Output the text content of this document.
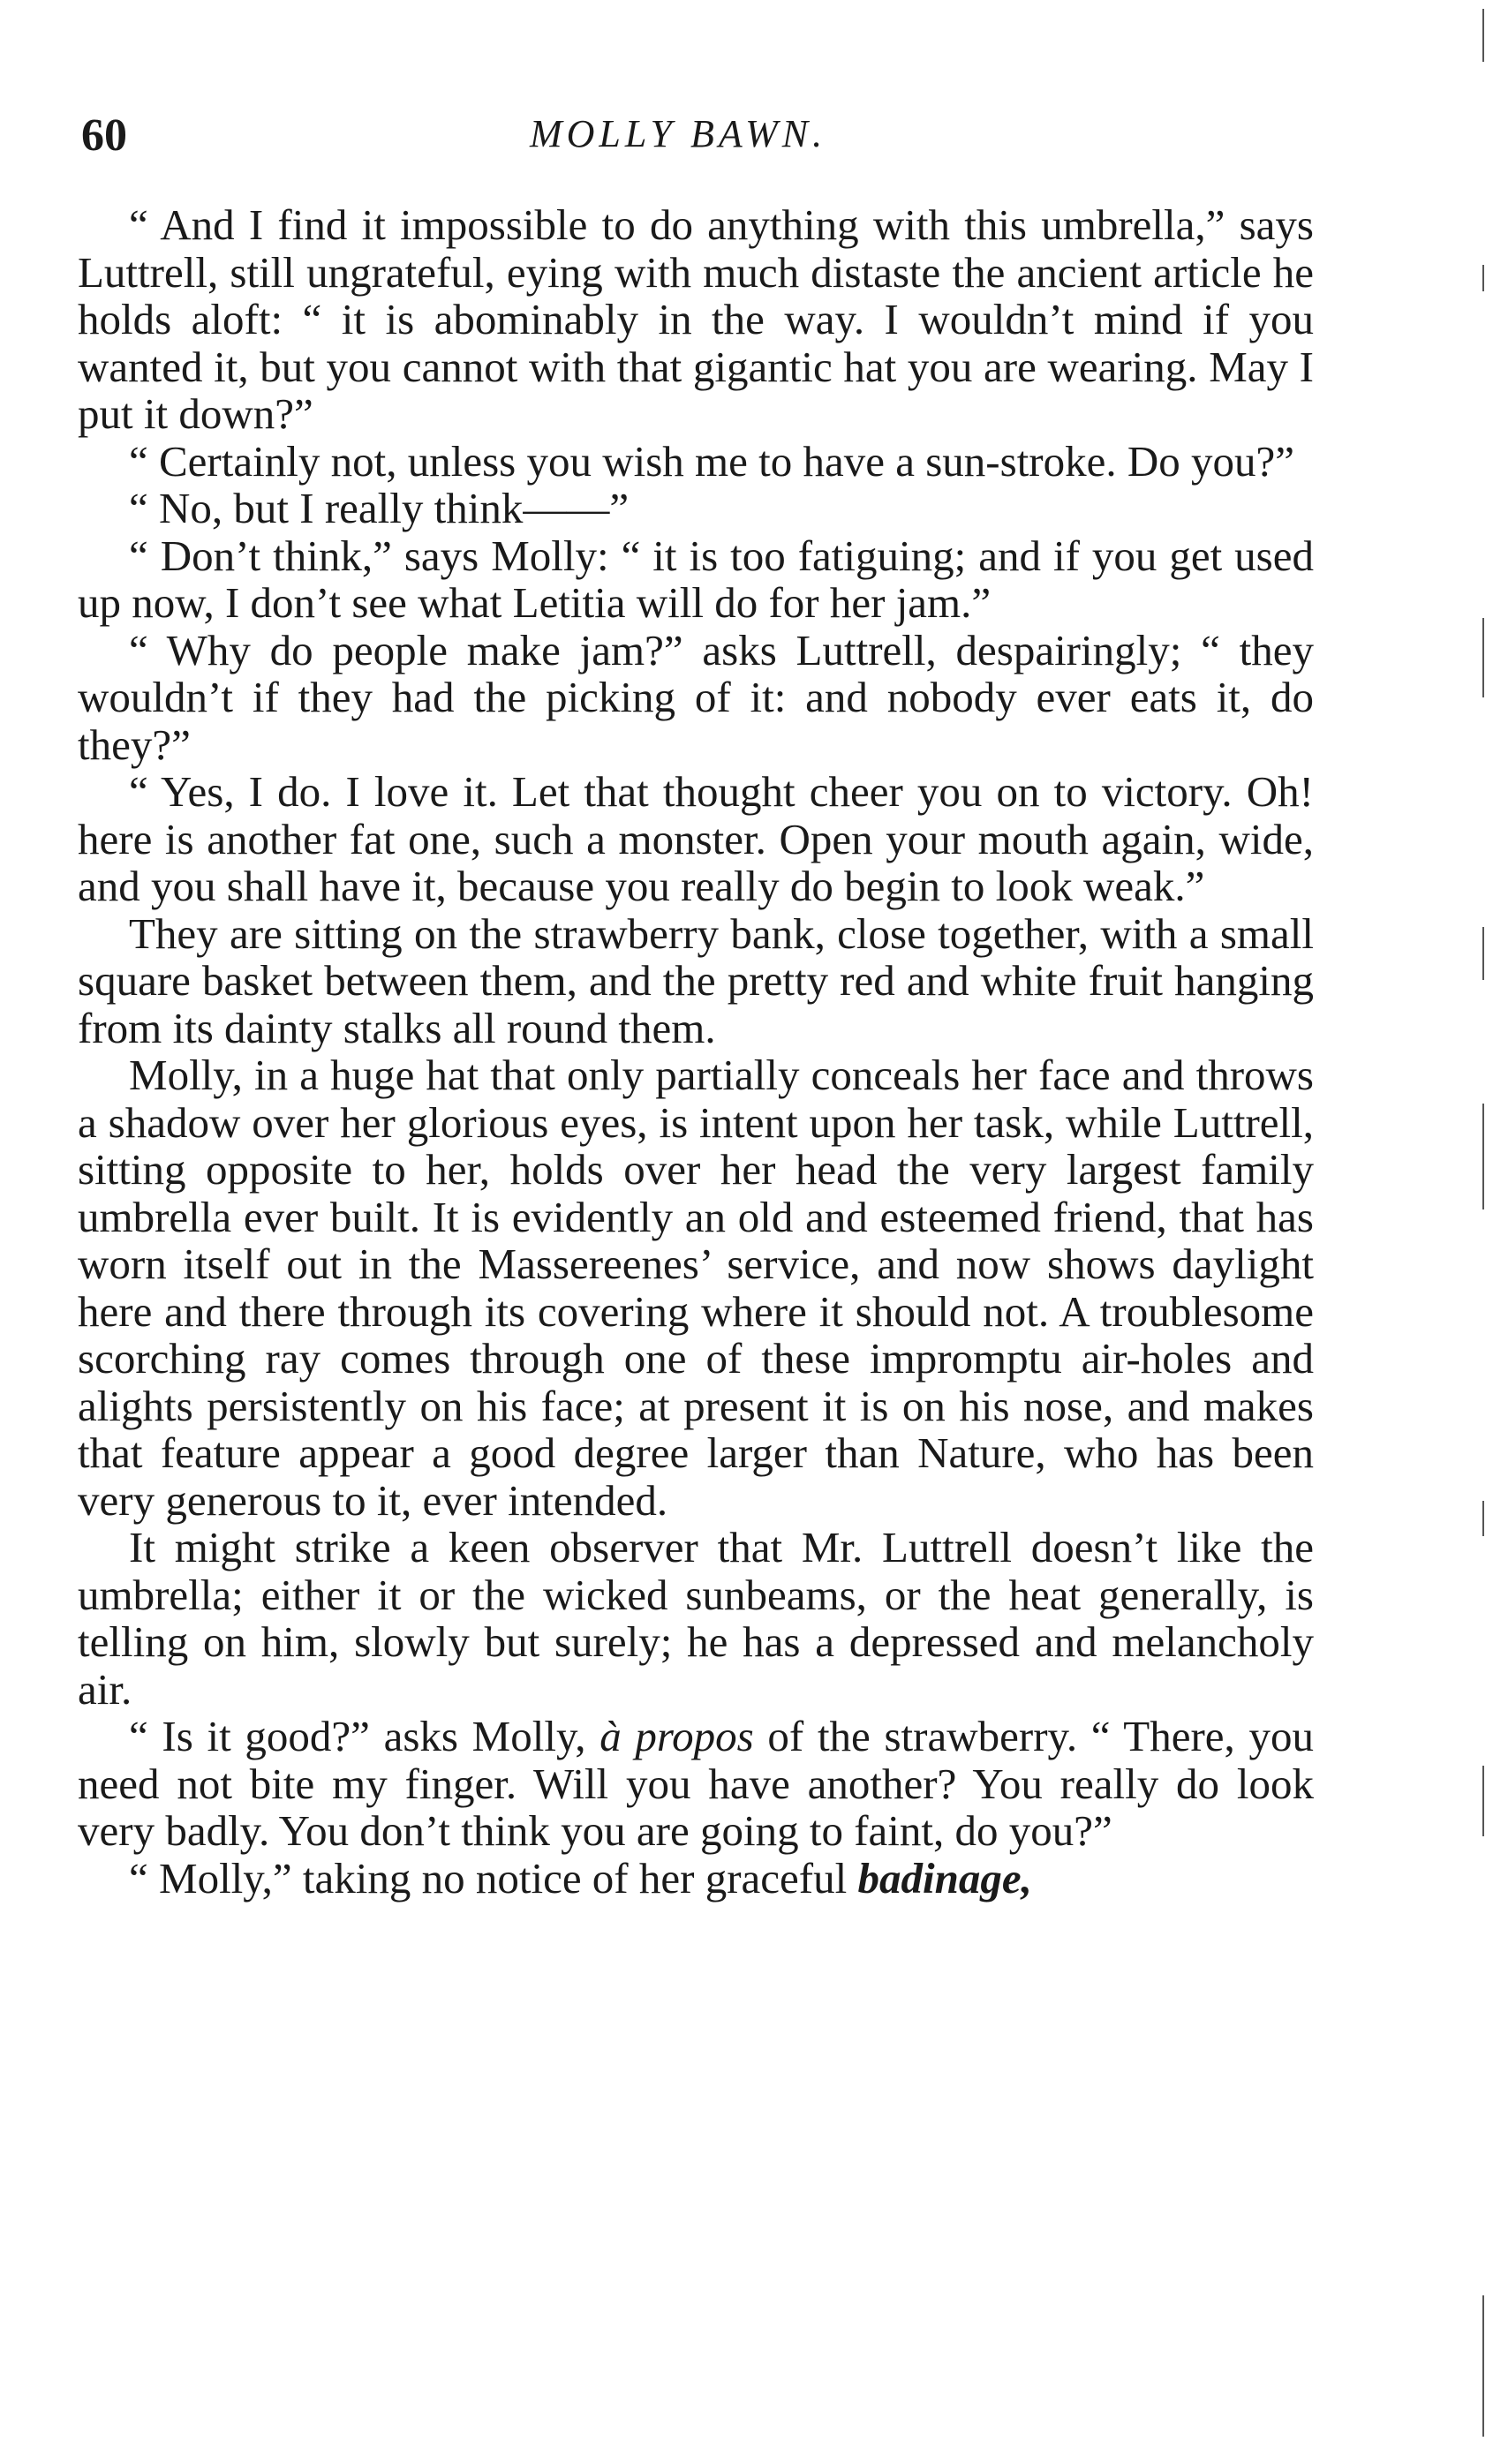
60	MOLLY BAWN.

“ And I find it impossible to do anything with this umbrella,” says Luttrell, still ungrateful, eying with much distaste the ancient article he holds aloft: “ it is abominably in the way. I wouldn’t mind if you wanted it, but you cannot with that gigantic hat you are wearing. May I put it down?”

“ Certainly not, unless you wish me to have a sun-stroke. Do you?”

“ No, but I really think——”

“ Don’t think,” says Molly: “ it is too fatiguing; and if you get used up now, I don’t see what Letitia will do for her jam.”

“ Why do people make jam?” asks Luttrell, despairingly; “ they wouldn’t if they had the picking of it: and nobody ever eats it, do they?”

“ Yes, I do. I love it. Let that thought cheer you on to victory. Oh! here is another fat one, such a monster. Open your mouth again, wide, and you shall have it, because you really do begin to look weak.”

They are sitting on the strawberry bank, close together, with a small square basket between them, and the pretty red and white fruit hanging from its dainty stalks all round them.

Molly, in a huge hat that only partially conceals her face and throws a shadow over her glorious eyes, is intent upon her task, while Luttrell, sitting opposite to her, holds over her head the very largest family umbrella ever built. It is evidently an old and esteemed friend, that has worn itself out in the Massereenes’ service, and now shows daylight here and there through its covering where it should not. A troublesome scorching ray comes through one of these impromptu air-holes and alights persistently on his face; at present it is on his nose, and makes that feature appear a good degree larger than Nature, who has been very generous to it, ever intended.

It might strike a keen observer that Mr. Luttrell doesn’t like the umbrella; either it or the wicked sunbeams, or the heat generally, is telling on him, slowly but surely; he has a depressed and melancholy air.

“ Is it good?” asks Molly, à propos of the strawberry. “ There, you need not bite my finger. Will you have another? You really do look very badly. You don’t think you are going to faint, do you?”

“ Molly,” taking no notice of her graceful badinage,
